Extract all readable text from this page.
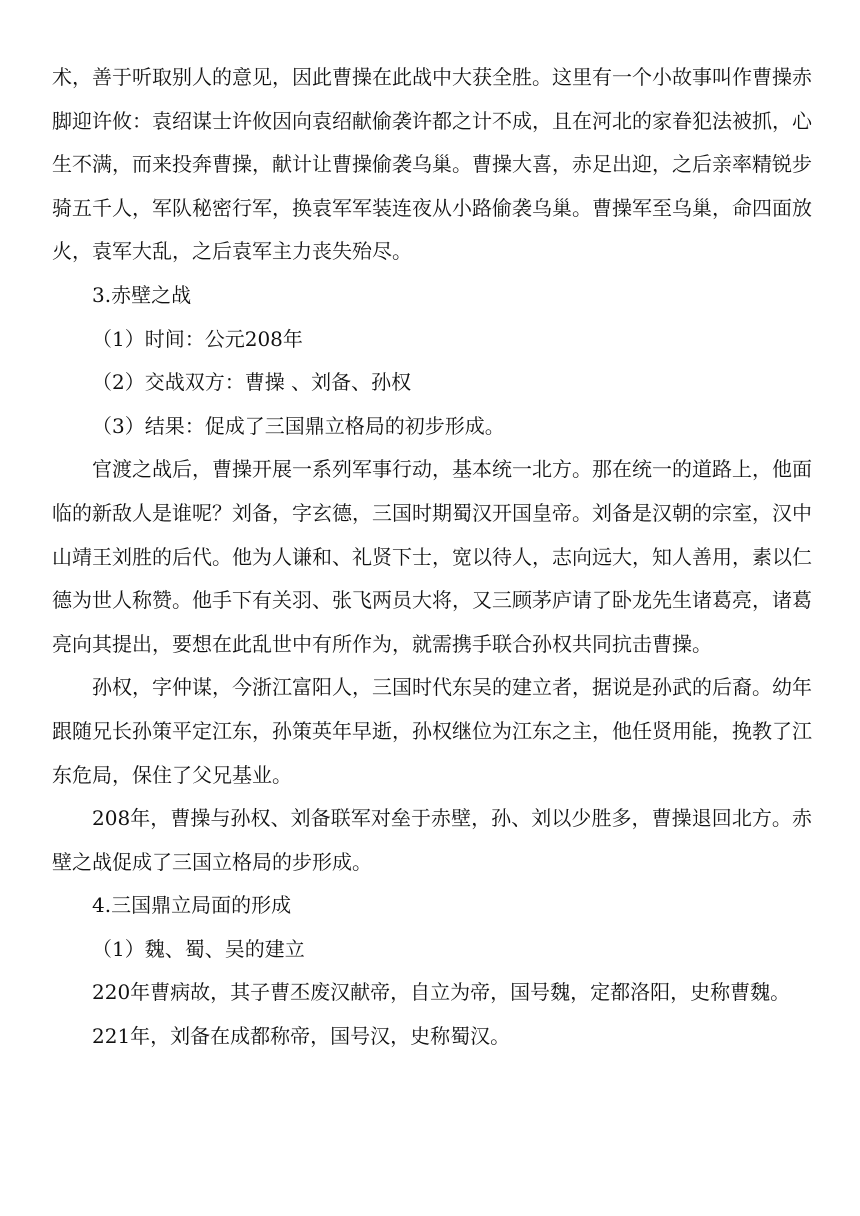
术，善于听取别人的意见，因此曹操在此战中大获全胜。这里有一个小故事叫作曹操赤脚迎许攸：袁绍谋士许攸因向袁绍献偷袭许都之计不成，且在河北的家眷犯法被抓，心生不满，而来投奔曹操，献计让曹操偷袭乌巢。曹操大喜，赤足出迎，之后亲率精锐步骑五千人，军队秘密行军，换袁军军装连夜从小路偷袭乌巢。曹操军至乌巢，命四面放火，袁军大乱，之后袁军主力丧失殆尽。

3.赤壁之战

（1）时间：公元208年

（2）交战双方：曹操 、刘备、孙权

（3）结果：促成了三国鼎立格局的初步形成。

官渡之战后，曹操开展一系列军事行动，基本统一北方。那在统一的道路上，他面临的新敌人是谁呢？刘备，字玄德，三国时期蜀汉开国皇帝。刘备是汉朝的宗室，汉中山靖王刘胜的后代。他为人谦和、礼贤下士，宽以待人，志向远大，知人善用，素以仁德为世人称赞。他手下有关羽、张飞两员大将，又三顾茅庐请了卧龙先生诸葛亮，诸葛亮向其提出，要想在此乱世中有所作为，就需携手联合孙权共同抗击曹操。

孙权，字仲谋，今浙江富阳人，三国时代东吴的建立者，据说是孙武的后裔。幼年跟随兄长孙策平定江东，孙策英年早逝，孙权继位为江东之主，他任贤用能，挽教了江东危局，保住了父兄基业。

208年，曹操与孙权、刘备联军对垒于赤壁，孙、刘以少胜多，曹操退回北方。赤壁之战促成了三国立格局的步形成。

4.三国鼎立局面的形成

（1）魏、蜀、吴的建立

220年曹病故，其子曹丕废汉献帝，自立为帝，国号魏，定都洛阳，史称曹魏。

221年，刘备在成都称帝，国号汉，史称蜀汉。
